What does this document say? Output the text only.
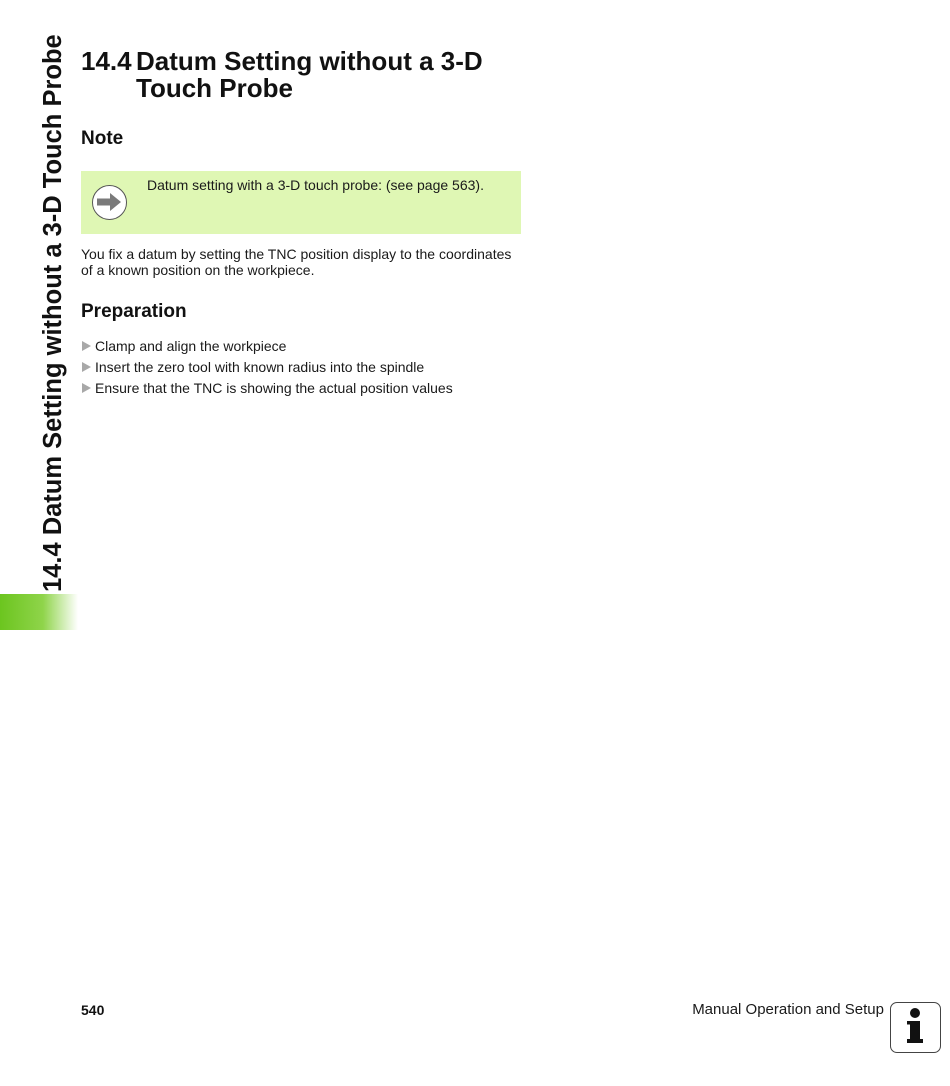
14.4 Datum Setting without a 3-D Touch Probe 14.4 Datum Setting without a 3-D Touch Probe
Note
Datum setting with a 3-D touch probe: (see page 563).
You fix a datum by setting the TNC position display to the coordinates
of a known position on the workpiece.
Preparation
Clamp and align the workpiece
Insert the zero tool with known radius into the spindle
Ensure that the TNC is showing the actual position values
540	Manual Operation and Setup
